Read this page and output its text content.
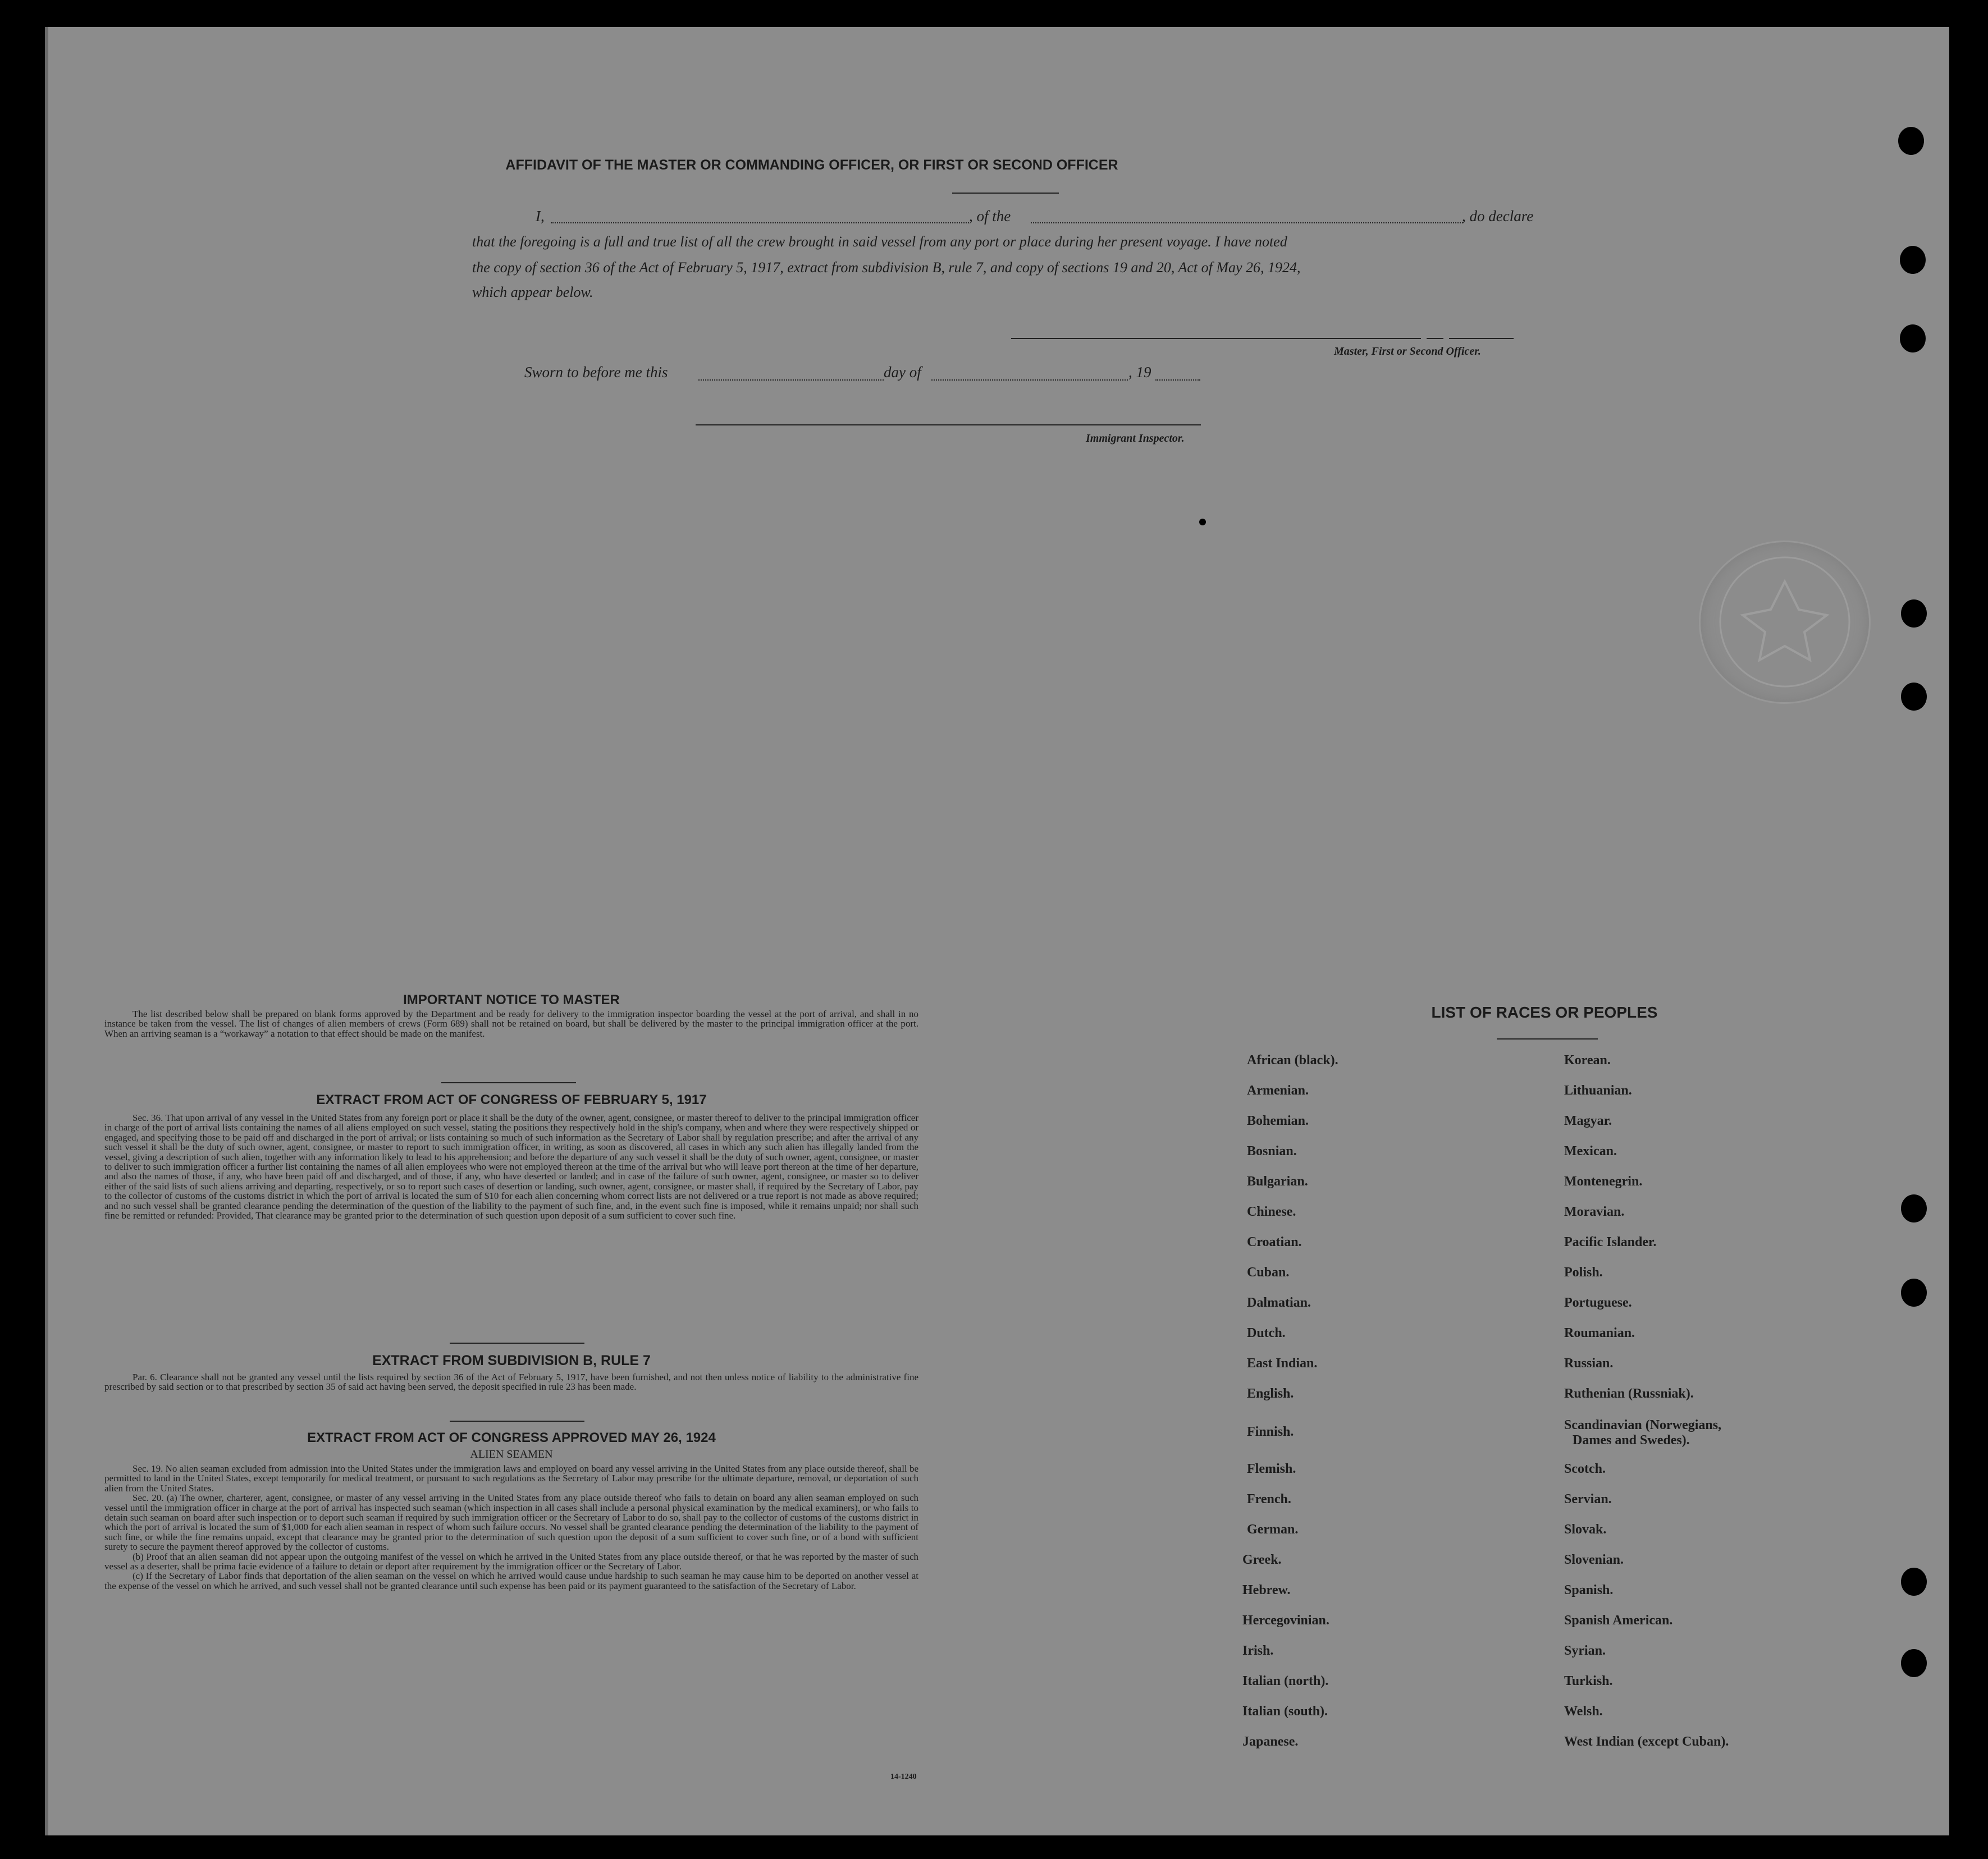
AFFIDAVIT OF THE MASTER OR COMMANDING OFFICER, OR FIRST OR SECOND OFFICER
I,	, of the	, do declare
that the foregoing is a full and true list of all the crew brought in said vessel from any port or place during her present voyage. I have noted
the copy of section 36 of the Act of February 5, 1917, extract from subdivision B, rule 7, and copy of sections 19 and 20, Act of May 26, 1924,
which appear below.
Master, First or Second Officer.
Sworn to before me this	day of	, 19
Immigrant Inspector.
IMPORTANT NOTICE TO MASTER

The list described below shall be prepared on blank forms approved by the Department and be ready for delivery to the immigration inspector boarding the vessel at the port of arrival, and shall in no instance be taken from the vessel. The list of changes of alien members of crews (Form 689) shall not be retained on board, but shall be delivered by the master to the principal immigration officer at the port. When an arriving seaman is a “workaway” a notation to that effect should be made on the manifest.

EXTRACT FROM ACT OF CONGRESS OF FEBRUARY 5, 1917

Sec. 36. That upon arrival of any vessel in the United States from any foreign port or place it shall be the duty of the owner, agent, consignee, or master thereof to deliver to the principal immigration officer in charge of the port of arrival lists containing the names of all aliens employed on such vessel, stating the positions they respectively hold in the ship's company, when and where they were respectively shipped or engaged, and specifying those to be paid off and discharged in the port of arrival; or lists containing so much of such information as the Secretary of Labor shall by regulation prescribe; and after the arrival of any such vessel it shall be the duty of such owner, agent, consignee, or master to report to such immigration officer, in writing, as soon as discovered, all cases in which any such alien has illegally landed from the vessel, giving a description of such alien, together with any information likely to lead to his apprehension; and before the departure of any such vessel it shall be the duty of such owner, agent, consignee, or master to deliver to such immigration officer a further list containing the names of all alien employees who were not employed thereon at the time of the arrival but who will leave port thereon at the time of her departure, and also the names of those, if any, who have been paid off and discharged, and of those, if any, who have deserted or landed; and in case of the failure of such owner, agent, consignee, or master so to deliver either of the said lists of such aliens arriving and departing, respectively, or so to report such cases of desertion or landing, such owner, agent, consignee, or master shall, if required by the Secretary of Labor, pay to the collector of customs of the customs district in which the port of arrival is located the sum of $10 for each alien concerning whom correct lists are not delivered or a true report is not made as above required; and no such vessel shall be granted clearance pending the determination of the question of the liability to the payment of such fine, and, in the event such fine is imposed, while it remains unpaid; nor shall such fine be remitted or refunded: Provided, That clearance may be granted prior to the determination of such question upon deposit of a sum sufficient to cover such fine.

EXTRACT FROM SUBDIVISION B, RULE 7

Par. 6. Clearance shall not be granted any vessel until the lists required by section 36 of the Act of February 5, 1917, have been furnished, and not then unless notice of liability to the administrative fine prescribed by said section or to that prescribed by section 35 of said act having been served, the deposit specified in rule 23 has been made.

EXTRACT FROM ACT OF CONGRESS APPROVED MAY 26, 1924
ALIEN SEAMEN

Sec. 19. No alien seaman excluded from admission into the United States under the immigration laws and employed on board any vessel arriving in the United States from any place outside thereof, shall be permitted to land in the United States, except temporarily for medical treatment, or pursuant to such regulations as the Secretary of Labor may prescribe for the ultimate departure, removal, or deportation of such alien from the United States.

Sec. 20. (a) The owner, charterer, agent, consignee, or master of any vessel arriving in the United States from any place outside thereof who fails to detain on board any alien seaman employed on such vessel until the immigration officer in charge at the port of arrival has inspected such seaman (which inspection in all cases shall include a personal physical examination by the medical examiners), or who fails to detain such seaman on board after such inspection or to deport such seaman if required by such immigration officer or the Secretary of Labor to do so, shall pay to the collector of customs of the customs district in which the port of arrival is located the sum of $1,000 for each alien seaman in respect of whom such failure occurs. No vessel shall be granted clearance pending the determination of the liability to the payment of such fine, or while the fine remains unpaid, except that clearance may be granted prior to the determination of such question upon the deposit of a sum sufficient to cover such fine, or of a bond with sufficient surety to secure the payment thereof approved by the collector of customs.

(b) Proof that an alien seaman did not appear upon the outgoing manifest of the vessel on which he arrived in the United States from any place outside thereof, or that he was reported by the master of such vessel as a deserter, shall be prima facie evidence of a failure to detain or deport after requirement by the immigration officer or the Secretary of Labor.

(c) If the Secretary of Labor finds that deportation of the alien seaman on the vessel on which he arrived would cause undue hardship to such seaman he may cause him to be deported on another vessel at the expense of the vessel on which he arrived, and such vessel shall not be granted clearance until such expense has been paid or its payment guaranteed to the satisfaction of the Secretary of Labor.

14-1240
LIST OF RACES OR PEOPLES
African (black).
Armenian.
Bohemian.
Bosnian.
Bulgarian.
Chinese.
Croatian.
Cuban.
Dalmatian.
Dutch.
East Indian.
English.
Finnish.
Flemish.
French.
German.
Greek.
Hebrew.
Hercegovinian.
Irish.
Italian (north).
Italian (south).
Japanese.
Korean.
Lithuanian.
Magyar.
Mexican.
Montenegrin.
Moravian.
Pacific Islander.
Polish.
Portuguese.
Roumanian.
Russian.
Ruthenian (Russniak).
Scandinavian (Norwegians,
Dames and Swedes).
Scotch.
Servian.
Slovak.
Slovenian.
Spanish.
Spanish American.
Syrian.
Turkish.
Welsh.
West Indian (except Cuban).
